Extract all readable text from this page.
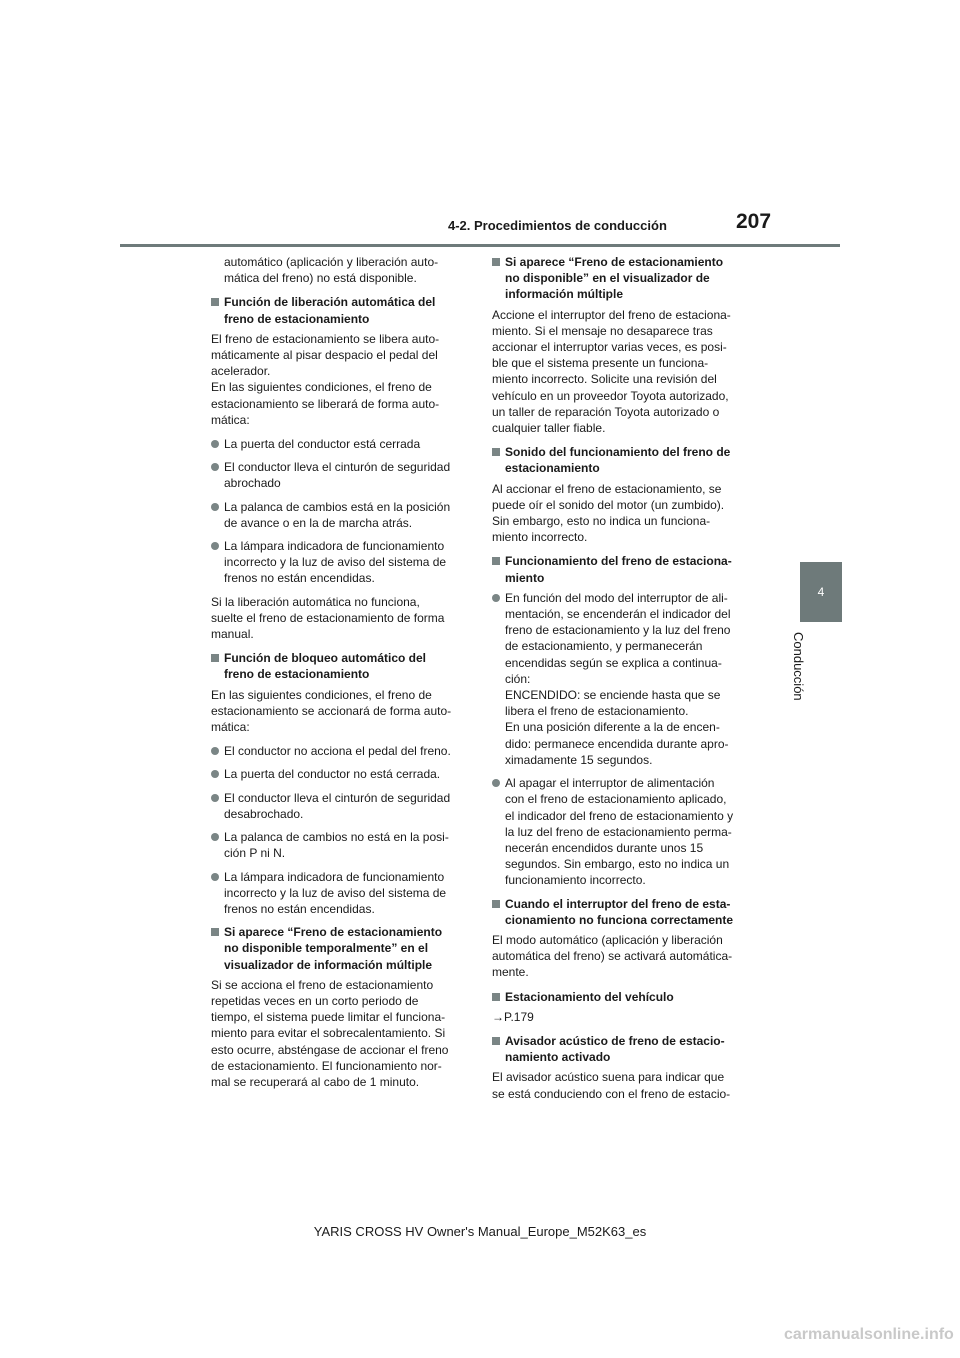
4-2. Procedimientos de conducción	207
4
Conducción
automático (aplicación y liberación auto-
mática del freno) no está disponible.
Función de liberación automática del
freno de estacionamiento
El freno de estacionamiento se libera auto-
máticamente al pisar despacio el pedal del
acelerador.
En las siguientes condiciones, el freno de
estacionamiento se liberará de forma auto-
mática:
La puerta del conductor está cerrada
El conductor lleva el cinturón de seguridad
abrochado
La palanca de cambios está en la posición
de avance o en la de marcha atrás.
La lámpara indicadora de funcionamiento
incorrecto y la luz de aviso del sistema de
frenos no están encendidas.
Si la liberación automática no funciona,
suelte el freno de estacionamiento de forma
manual.
Función de bloqueo automático del
freno de estacionamiento
En las siguientes condiciones, el freno de
estacionamiento se accionará de forma auto-
mática:
El conductor no acciona el pedal del freno.
La puerta del conductor no está cerrada.
El conductor lleva el cinturón de seguridad
desabrochado.
La palanca de cambios no está en la posi-
ción P ni N.
La lámpara indicadora de funcionamiento
incorrecto y la luz de aviso del sistema de
frenos no están encendidas.
Si aparece “Freno de estacionamiento
no disponible temporalmente” en el
visualizador de información múltiple
Si se acciona el freno de estacionamiento
repetidas veces en un corto periodo de
tiempo, el sistema puede limitar el funciona-
miento para evitar el sobrecalentamiento. Si
esto ocurre, absténgase de accionar el freno
de estacionamiento. El funcionamiento nor-
mal se recuperará al cabo de 1 minuto.
Si aparece “Freno de estacionamiento
no disponible” en el visualizador de
información múltiple
Accione el interruptor del freno de estaciona-
miento. Si el mensaje no desaparece tras
accionar el interruptor varias veces, es posi-
ble que el sistema presente un funciona-
miento incorrecto. Solicite una revisión del
vehículo en un proveedor Toyota autorizado,
un taller de reparación Toyota autorizado o
cualquier taller fiable.
Sonido del funcionamiento del freno de
estacionamiento
Al accionar el freno de estacionamiento, se
puede oír el sonido del motor (un zumbido).
Sin embargo, esto no indica un funciona-
miento incorrecto.
Funcionamiento del freno de estaciona-
miento
En función del modo del interruptor de ali-
mentación, se encenderán el indicador del
freno de estacionamiento y la luz del freno
de estacionamiento, y permanecerán
encendidas según se explica a continua-
ción:
ENCENDIDO: se enciende hasta que se
libera el freno de estacionamiento.
En una posición diferente a la de encen-
dido: permanece encendida durante apro-
ximadamente 15 segundos.
Al apagar el interruptor de alimentación
con el freno de estacionamiento aplicado,
el indicador del freno de estacionamiento y
la luz del freno de estacionamiento perma-
necerán encendidos durante unos 15
segundos. Sin embargo, esto no indica un
funcionamiento incorrecto.
Cuando el interruptor del freno de esta-
cionamiento no funciona correctamente
El modo automático (aplicación y liberación
automática del freno) se activará automática-
mente.
Estacionamiento del vehículo
→P.179
Avisador acústico de freno de estacio-
namiento activado
El avisador acústico suena para indicar que
se está conduciendo con el freno de estacio-
YARIS CROSS HV Owner's Manual_Europe_M52K63_es
carmanualsonline.info
